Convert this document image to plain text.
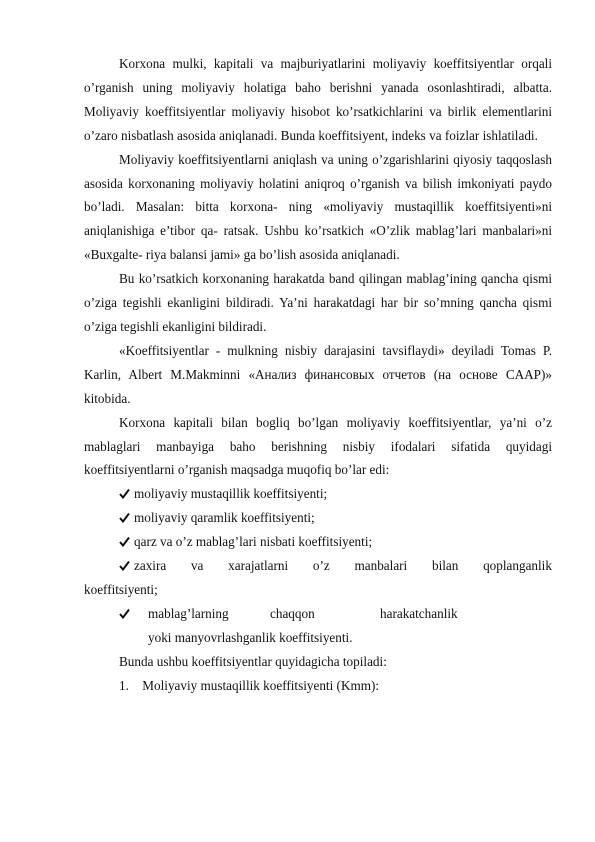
Korxona mulki, kapitali va majburiyatlarini moliyaviy koeffitsiyentlar orqali o’rganish uning moliyaviy holatiga baho berishni yanada osonlashtiradi, albatta. Moliyaviy koeffitsiyentlar moliyaviy hisobot ko’rsatkichlarini va birlik elementlarini o’zaro nisbatlash asosida aniqlanadi. Bunda koeffitsiyent, indeks va foizlar ishlatiladi.

Moliyaviy koeffitsiyentlarni aniqlash va uning o’zgarishlarini qiyosiy taqqoslash asosida korxonaning moliyaviy holatini aniqroq o’rganish va bilish imkoniyati paydo bo’ladi. Masalan: bitta korxona- ning «moliyaviy mustaqillik koeffitsiyenti»ni aniqlanishiga e’tibor qa- ratsak. Ushbu ko’rsatkich «O’zlik mablag’lari manbalari»ni «Buxgalte- riya balansi jami» ga bo’lish asosida aniqlanadi.

Bu ko’rsatkich korxonaning harakatda band qilingan mablag’ining qancha qismi o’ziga tegishli ekanligini bildiradi. Ya’ni harakatdagi har bir so’mning qancha qismi o’ziga tegishli ekanligini bildiradi.

«Koeffitsiyentlar - mulkning nisbiy darajasini tavsiflaydi» deyiladi Tomas P. Karlin, Albert M.Makminni «Анализ финансовых отчетов (на основе CAAP)» kitobida.

Korxona kapitali bilan bogliq bo’lgan moliyaviy koeffitsiyentlar, ya’ni o’z mablaglari manbayiga baho berishning nisbiy ifodalari sifatida quyidagi koeffitsiyentlarni o’rganish maqsadga muqofiq bo’lar edi:

moliyaviy mustaqillik koeffitsiyenti;
moliyaviy qaramlik koeffitsiyenti;
qarz va o’z mablag’lari nisbati koeffitsiyenti;
zaxira va xarajatlarni o’z manbalari bilan qoplanganlik
koeffitsiyenti;
mablag’larning	chaqqon	harakatchanlik
yoki manyovrlashganlik koeffitsiyenti.

Bunda ushbu koeffitsiyentlar quyidagicha topiladi:

1. Moliyaviy mustaqillik koeffitsiyenti (Kmm):
